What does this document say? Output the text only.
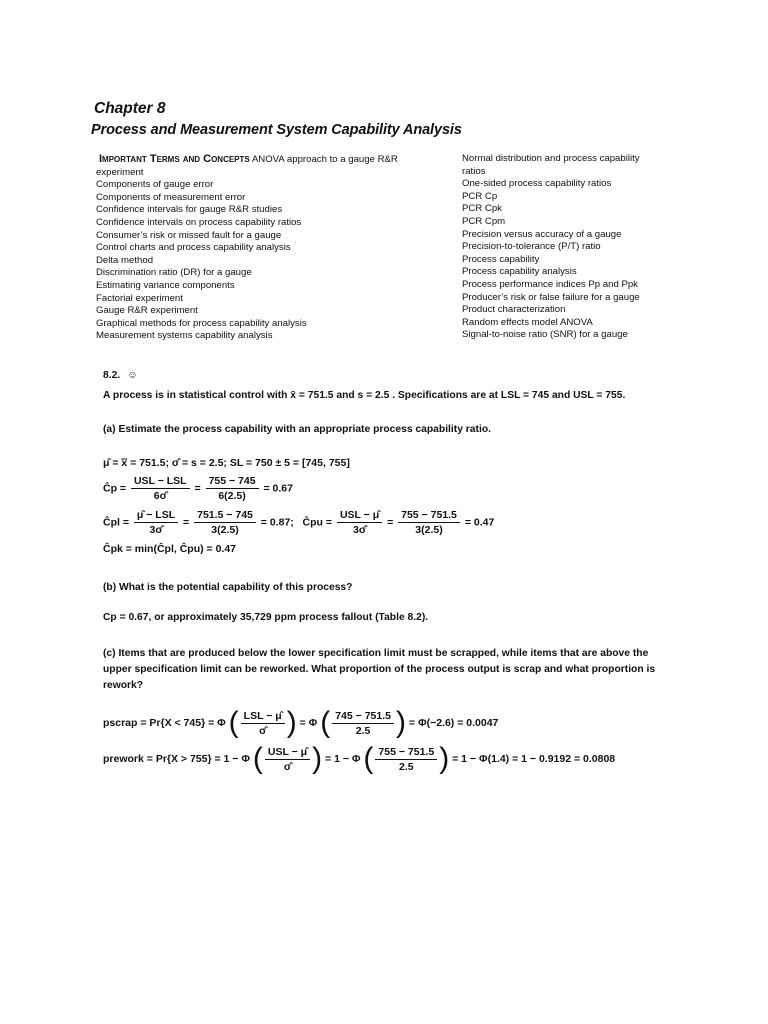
Chapter 8
Process and Measurement System Capability Analysis
Important Terms and Concepts ANOVA approach to a gauge R&R
experiment
Components of gauge error
Components of measurement error
Confidence intervals for gauge R&R studies
Confidence intervals on process capability ratios
Consumer’s risk or missed fault for a gauge
Control charts and process capability analysis
Delta method
Discrimination ratio (DR) for a gauge
Estimating variance components
Factorial experiment
Gauge R&R experiment
Graphical methods for process capability analysis
Measurement systems capability analysis
Normal distribution and process capability ratios
One-sided process capability ratios
PCR Cp
PCR Cpk
PCR Cpm
Precision versus accuracy of a gauge
Precision-to-tolerance (P/T) ratio
Process capability
Process capability analysis
Process performance indices Pp and Ppk
Producer’s risk or false failure for a gauge
Product characterization
Random effects model ANOVA
Signal-to-noise ratio (SNR) for a gauge
8.2. ☺
A process is in statistical control with x̄ = 751.5 and s = 2.5 . Specifications are at LSL = 745 and USL = 755.
(a) Estimate the process capability with an appropriate process capability ratio.
μ̂ = x̿ = 751.5; σ̂ = s = 2.5; SL = 750 ± 5 = [745, 755]
Ĉp = $\frac{\text{USL − LSL}}{6\sigmâ} = \frac{755 - 745}{6(2.5)} = 0.67$
Ĉpl = $\frac{\text{μ̂ − LSL}}{3\sigmâ} = \frac{751.5 - 745}{3(2.5)} = 0.87$; Ĉpu = $\frac{\text{USL − μ̂}}{3\sigmâ} = \frac{755 - 751.5}{3(2.5)} = 0.47$
Ĉpk = min(Ĉpl, Ĉpu) = 0.47
(b) What is the potential capability of this process?
Cp = 0.67, or approximately 35,729 ppm process fallout (Table 8.2).
(c) Items that are produced below the lower specification limit must be scrapped, while items that are above the upper specification limit can be reworked. What proportion of the process output is scrap and what proportion is rework?
pscrap = Pr{X < 745} = Φ ( $\frac{\text{LSL − μ̂}}{\sigmâ}$ ) = Φ ( $\frac{745 - 751.5}{2.5}$ ) = Φ(−2.6) = 0.0047
prework = Pr{X > 755} = 1 − Φ ( $\frac{\text{USL − μ̂}}{\sigmâ}$ ) = 1 − Φ ( $\frac{755 - 751.5}{2.5}$ ) = 1 − Φ(1.4) = 1 − 0.9192 = 0.0808
